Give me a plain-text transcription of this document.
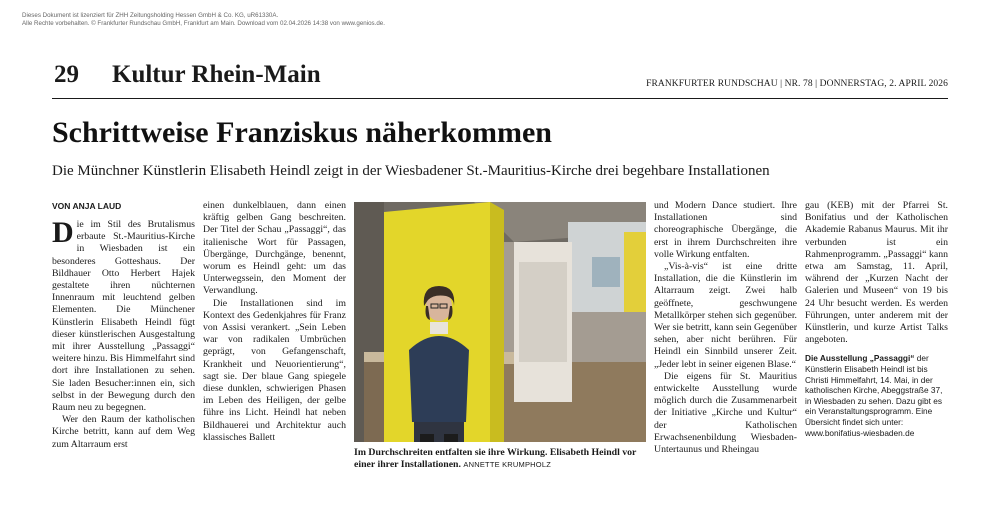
Dieses Dokument ist lizenziert für ZHH Zeitungsholding Hessen GmbH & Co. KG, uR61330A.
Alle Rechte vorbehalten. © Frankfurter Rundschau GmbH, Frankfurt am Main. Download vom 02.04.2026 14:38 von www.genios.de.
29 Kultur Rhein-Main	FRANKFURTER RUNDSCHAU | NR. 78 | DONNERSTAG, 2. APRIL 2026
Schrittweise Franziskus näherkommen
Die Münchner Künstlerin Elisabeth Heindl zeigt in der Wiesbadener St.-Mauritius-Kirche drei begehbare Installationen
VON ANJA LAUD

Die im Stil des Brutalismus erbaute St.-Mauritius-Kirche in Wiesbaden ist ein besonderes Gotteshaus. Der Bildhauer Otto Herbert Hajek gestaltete ihren nüchternen Innenraum mit leuchtend gelben Elementen. Die Münchener Künstlerin Elisabeth Heindl fügt dieser künstlerischen Ausgestaltung mit ihrer Ausstellung „Passaggi“ weitere hinzu. Bis Himmelfahrt sind dort ihre Installationen zu sehen. Sie laden Besucher:innen ein, sich selbst in der Bewegung durch den Raum neu zu begegnen.

Wer den Raum der katholischen Kirche betritt, kann auf dem Weg zum Altarraum erst

einen dunkelblauen, dann einen kräftig gelben Gang beschreiten. Der Titel der Schau „Passaggi“, das italienische Wort für Passagen, Übergänge, Durchgänge, benennt, worum es Heindl geht: um das Unterwegssein, den Moment der Verwandlung.

Die Installationen sind im Kontext des Gedenkjahres für Franz von Assisi verankert. „Sein Leben war von radikalen Umbrüchen geprägt, von Gefangenschaft, Krankheit und Neuorientierung“, sagt sie. Der blaue Gang spiegele diese dunklen, schwierigen Phasen im Leben des Heiligen, der gelbe führe ins Licht. Heindl hat neben Bildhauerei und Architektur auch klassisches Ballett

Im Durchschreiten entfalten sie ihre Wirkung. Elisabeth Heindl vor einer ihrer Installationen. ANNETTE KRUMPHOLZ

und Modern Dance studiert. Ihre Installationen sind choreographische Übergänge, die erst in ihrem Durchschreiten ihre volle Wirkung entfalten.

„Vis-à-vis“ ist eine dritte Installation, die die Künstlerin im Altarraum zeigt. Zwei halb geöffnete, geschwungene Metallkörper stehen sich gegenüber. Wer sie betritt, kann sein Gegenüber sehen, aber nicht berühren. Für Heindl ein Sinnbild unserer Zeit. „Jeder lebt in seiner eigenen Blase.“

Die eigens für St. Mauritius entwickelte Ausstellung wurde möglich durch die Zusammenarbeit der Initiative „Kirche und Kultur“ der Katholischen Erwachsenenbildung Wiesbaden-Untertaunus und Rheingau

gau (KEB) mit der Pfarrei St. Bonifatius und der Katholischen Akademie Rabanus Maurus. Mit ihr verbunden ist ein Rahmenprogramm. „Passaggi“ kann etwa am Samstag, 11. April, während der „Kurzen Nacht der Galerien und Museen“ von 19 bis 24 Uhr besucht werden. Es werden Führungen, unter anderem mit der Künstlerin, und kurze Artist Talks angeboten.

Die Ausstellung „Passaggi“ der Künstlerin Elisabeth Heindl ist bis Christi Himmelfahrt, 14. Mai, in der katholischen Kirche, Abeggstraße 37, in Wiesbaden zu sehen. Dazu gibt es ein Veranstaltungsprogramm. Eine Übersicht findet sich unter: www.bonifatius-wiesbaden.de
